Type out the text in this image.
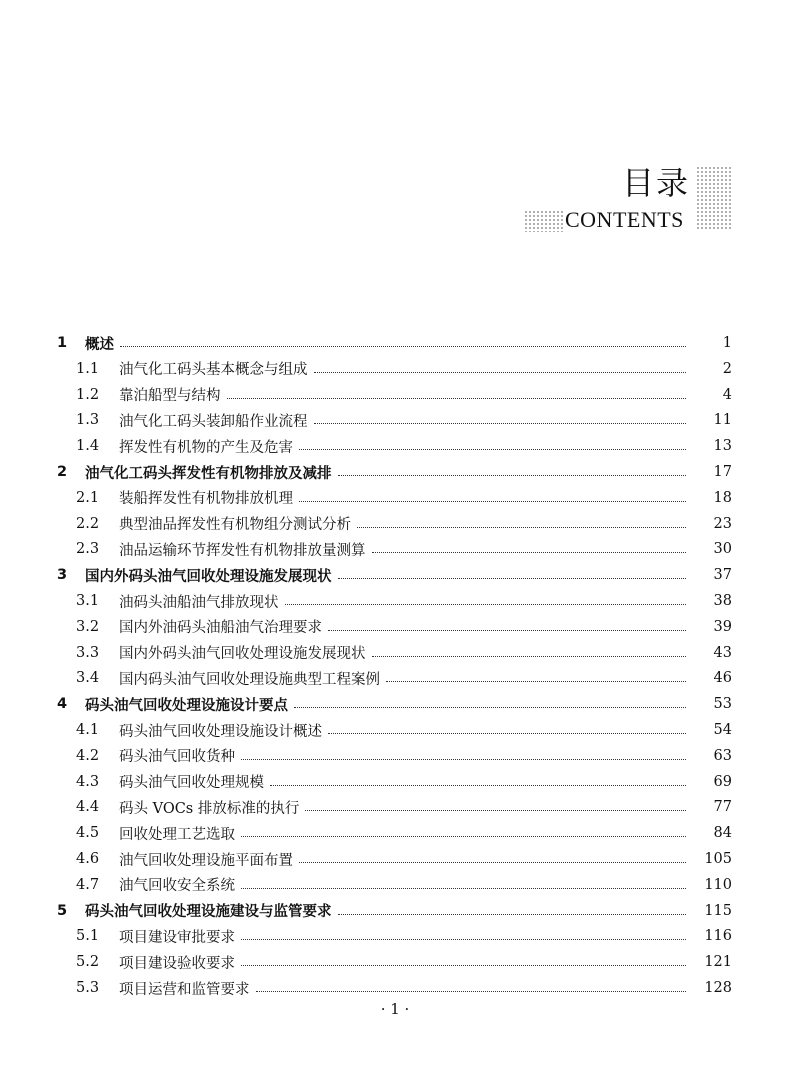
目录
CONTENTS
1	概述	1
1.1	油气化工码头基本概念与组成	2
1.2	靠泊船型与结构	4
1.3	油气化工码头装卸船作业流程	11
1.4	挥发性有机物的产生及危害	13
2	油气化工码头挥发性有机物排放及减排	17
2.1	装船挥发性有机物排放机理	18
2.2	典型油品挥发性有机物组分测试分析	23
2.3	油品运输环节挥发性有机物排放量测算	30
3	国内外码头油气回收处理设施发展现状	37
3.1	油码头油船油气排放现状	38
3.2	国内外油码头油船油气治理要求	39
3.3	国内外码头油气回收处理设施发展现状	43
3.4	国内码头油气回收处理设施典型工程案例	46
4	码头油气回收处理设施设计要点	53
4.1	码头油气回收处理设施设计概述	54
4.2	码头油气回收货种	63
4.3	码头油气回收处理规模	69
4.4	码头 VOCs 排放标准的执行	77
4.5	回收处理工艺选取	84
4.6	油气回收处理设施平面布置	105
4.7	油气回收安全系统	110
5	码头油气回收处理设施建设与监管要求	115
5.1	项目建设审批要求	116
5.2	项目建设验收要求	121
5.3	项目运营和监管要求	128
· 1 ·
